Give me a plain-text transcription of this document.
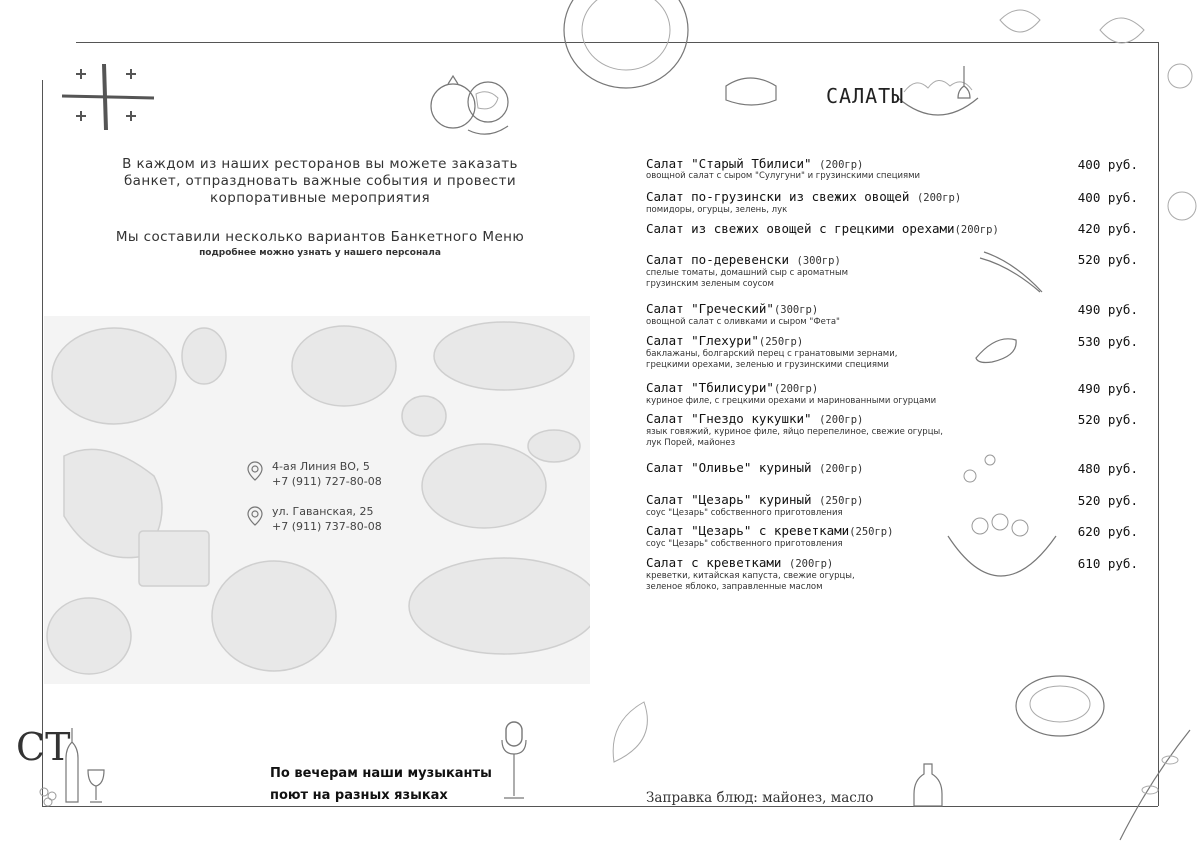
В каждом из наших ресторанов вы можете заказать
банкет, отпраздновать важные события и провести
корпоративные мероприятия
Мы составили несколько вариантов Банкетного Меню
подробнее можно узнать у нашего персонала
4-ая Линия ВО, 5
+7 (911) 727-80-08
ул. Гаванская, 25
+7 (911) 737-80-08
СТ
По вечерам наши музыканты
поют на разных языках
САЛАТЫ
Салат "Старый Тбилиси" (200гр)
овощной салат с сыром "Сулугуни" и грузинскими специями
400 руб.
Салат по-грузински из свежих овощей (200гр)
помидоры, огурцы, зелень, лук
400 руб.
Салат из свежих овощей с грецкими орехами(200гр)	420 руб.
Салат по-деревенски (300гр)
спелые томаты, домашний сыр с ароматным
грузинским зеленым соусом
520 руб.
Салат "Греческий"(300гр)
овощной салат с оливками и сыром "Фета"
490 руб.
Салат "Глехури"(250гр)
баклажаны, болгарский перец с гранатовыми зернами,
грецкими орехами, зеленью и грузинскими специями
530 руб.
Салат "Тбилисури"(200гр)
куриное филе, с грецкими орехами и маринованными огурцами
490 руб.
Салат "Гнездо кукушки" (200гр)
язык говяжий, куриное филе, яйцо перепелиное, свежие огурцы,
лук Порей, майонез
520 руб.
Салат "Оливье" куриный (200гр)	480 руб.
Салат "Цезарь" куриный (250гр)
соус "Цезарь" собственного приготовления
520 руб.
Салат "Цезарь" с креветками(250гр)
соус "Цезарь" собственного приготовления
620 руб.
Салат с креветками (200гр)
креветки, китайская капуста, свежие огурцы,
зеленое яблоко, заправленные маслом
610 руб.
Заправка блюд: майонез, масло
